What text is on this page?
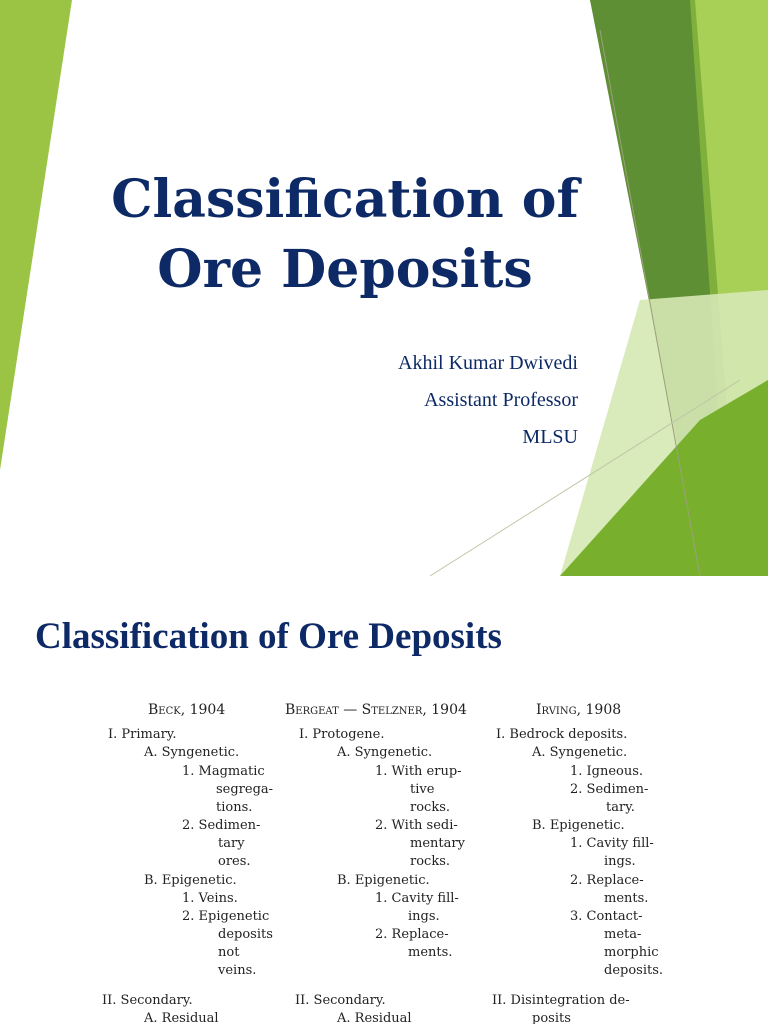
Classification of
Ore Deposits
Akhil Kumar Dwivedi
Assistant Professor
MLSU
Classification of Ore Deposits
Beck, 1904
I. Primary.
A. Syngenetic.
1. Magmatic
segrega-
tions.
2. Sedimen-
tary
ores.
B. Epigenetic.
1. Veins.
2. Epigenetic
deposits
not
veins.
II. Secondary.
A. Residual
Bergeat — Stelzner, 1904
I. Protogene.
A. Syngenetic.
1. With erup-
tive
rocks.
2. With sedi-
mentary
rocks.
B. Epigenetic.
1. Cavity fill-
ings.
2. Replace-
ments.
II. Secondary.
A. Residual
Irving, 1908
I. Bedrock deposits.
A. Syngenetic.
1. Igneous.
2. Sedimen-
tary.
B. Epigenetic.
1. Cavity fill-
ings.
2. Replace-
ments.
3. Contact-
meta-
morphic
deposits.
II. Disintegration de-
posits
